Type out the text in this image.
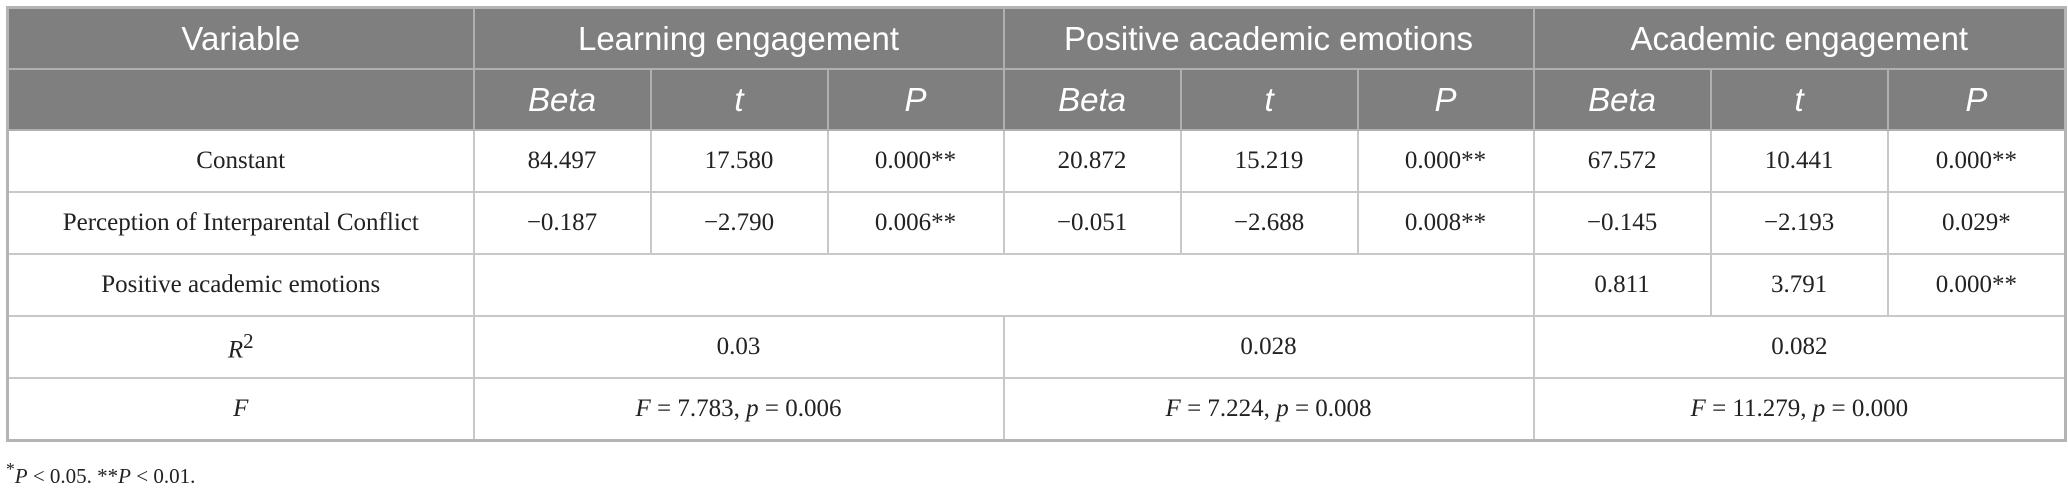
Variable	Learning engagement			Positive academic emotions			Academic engagement		
	Beta	t	P	Beta	t	P	Beta	t	P
Constant	84.497	17.580	0.000**	20.872	15.219	0.000**	67.572	10.441	0.000**
Perception of Interparental Conflict	−0.187	−2.790	0.006**	−0.051	−2.688	0.008**	−0.145	−2.193	0.029*
Positive academic emotions							0.811	3.791	0.000**
$R^2$	0.03			0.028			0.082		
F	F = 7.783, p = 0.006			F = 7.224, p = 0.008			F = 11.279, p = 0.000		
*P < 0.05. **P < 0.01.
